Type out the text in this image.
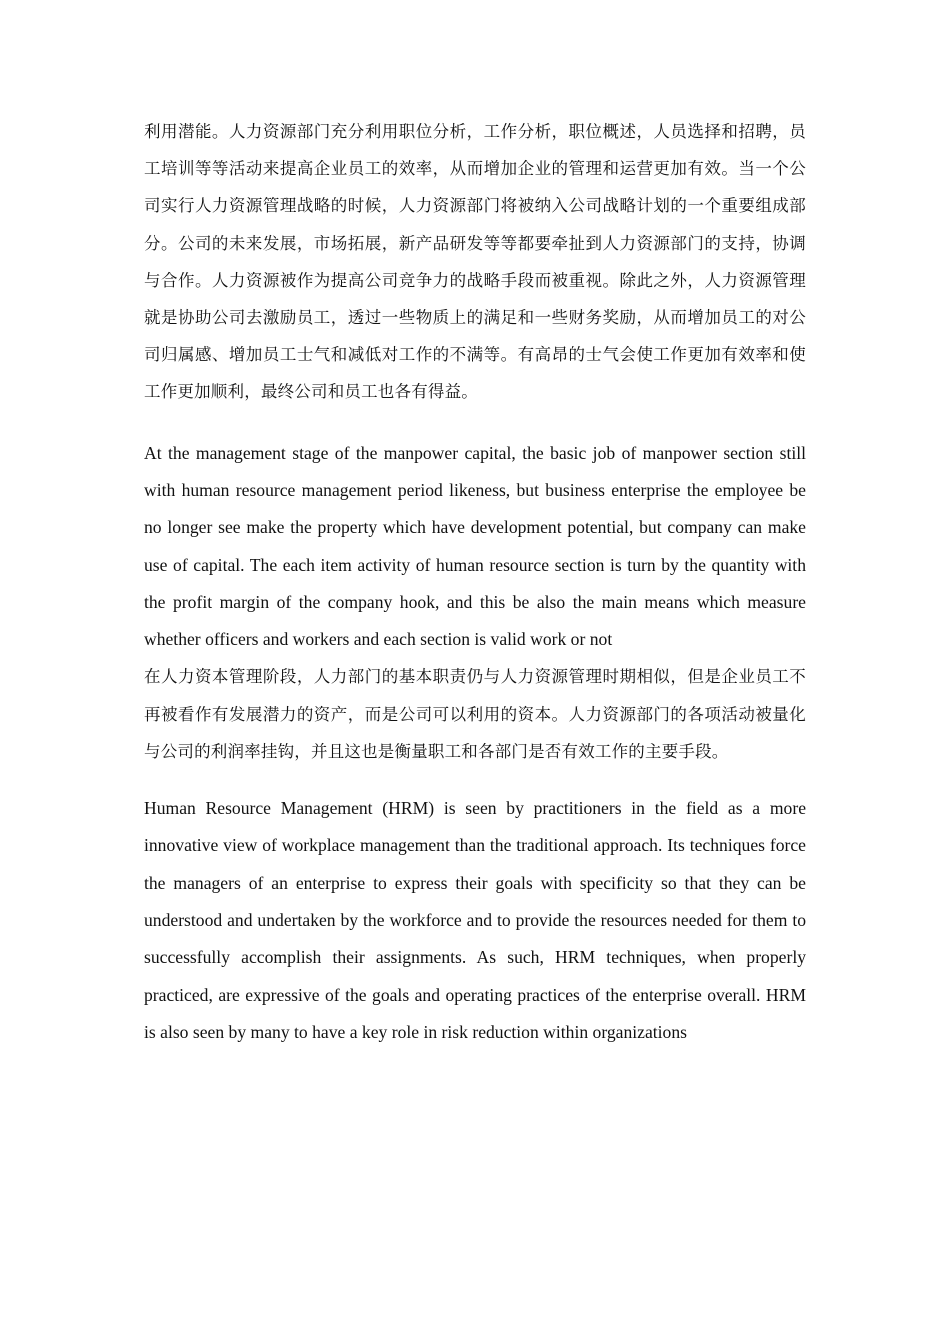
利用潜能。人力资源部门充分利用职位分析，工作分析，职位概述，人员选择和招聘，员工培训等等活动来提高企业员工的效率，从而增加企业的管理和运营更加有效。当一个公司实行人力资源管理战略的时候，人力资源部门将被纳入公司战略计划的一个重要组成部分。公司的未来发展，市场拓展，新产品研发等等都要牵扯到人力资源部门的支持，协调与合作。人力资源被作为提高公司竞争力的战略手段而被重视。除此之外，人力资源管理就是协助公司去激励员工，透过一些物质上的满足和一些财务奖励，从而增加员工的对公司归属感、增加员工士气和减低对工作的不满等。有高昂的士气会使工作更加有效率和使工作更加顺利，最终公司和员工也各有得益。

At the management stage of the manpower capital, the basic job of manpower section still with human resource management period likeness, but business enterprise the employee be no longer see make the property which have development potential, but company can make use of capital. The each item activity of human resource section is turn by the quantity with the profit margin of the company hook, and this be also the main means which measure whether officers and workers and each section is valid work or not

在人力资本管理阶段，人力部门的基本职责仍与人力资源管理时期相似，但是企业员工不再被看作有发展潜力的资产，而是公司可以利用的资本。人力资源部门的各项活动被量化与公司的利润率挂钩，并且这也是衡量职工和各部门是否有效工作的主要手段。

Human Resource Management (HRM) is seen by practitioners in the field as a more innovative view of workplace management than the traditional approach. Its techniques force the managers of an enterprise to express their goals with specificity so that they can be understood and undertaken by the workforce and to provide the resources needed for them to successfully accomplish their assignments. As such, HRM techniques, when properly practiced, are expressive of the goals and operating practices of the enterprise overall. HRM is also seen by many to have a key role in risk reduction within organizations
